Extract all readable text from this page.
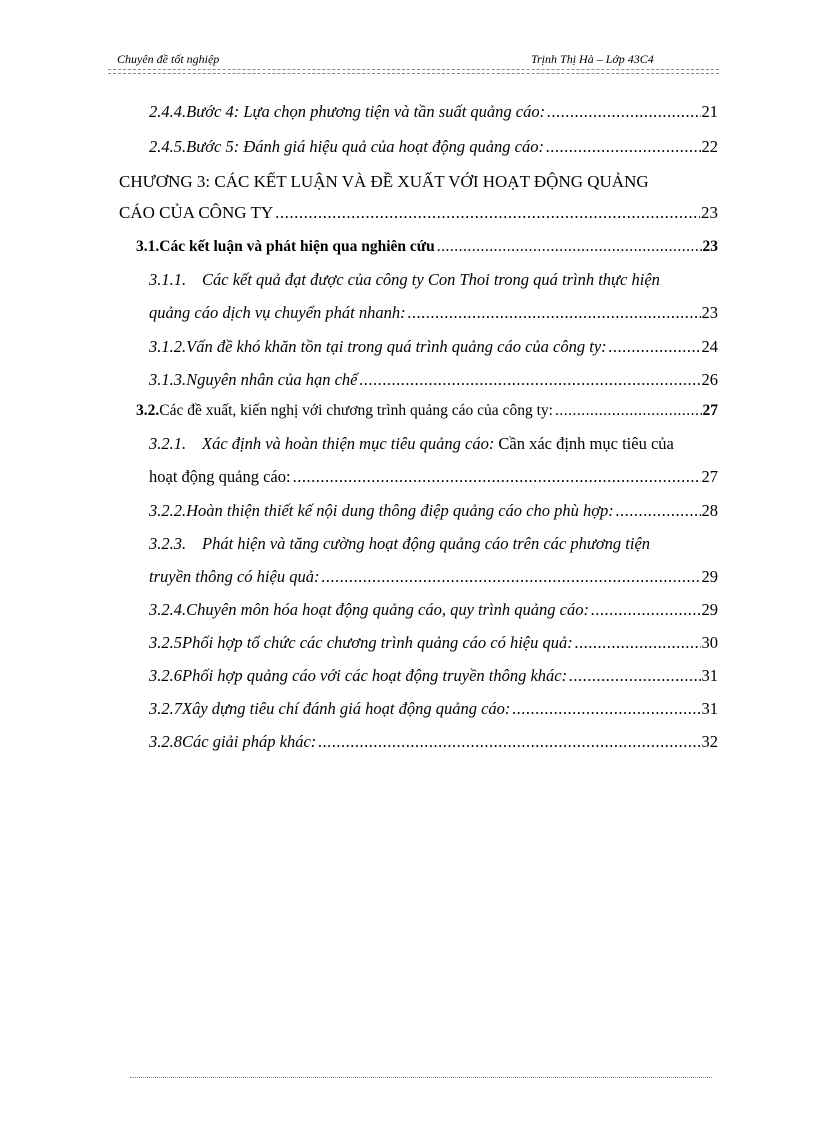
Chuyên đề tốt nghiệp	Trịnh Thị Hà – Lớp 43C4
2.4.4. Bước 4: Lựa chọn phương tiện và tần suất quảng cáo: .....	21
2.4.5. Bước 5: Đánh giá hiệu quả của hoạt động quảng cáo: .....	22
CHƯƠNG 3: CÁC KẾT LUẬN VÀ ĐỀ XUẤT VỚI HOẠT ĐỘNG QUẢNG
CÁO CỦA CÔNG TY .....	23
3.1. Các kết luận và phát hiện qua nghiên cứu .....	23
3.1.1. Các kết quả đạt được của công ty Con Thoi trong quá trình thực hiện
quảng cáo dịch vụ chuyển phát nhanh: .....	23
3.1.2. Vấn đề khó khăn tồn tại trong quá trình quảng cáo của công ty: .....	24
3.1.3. Nguyên nhân của hạn chế .....	26
3.2. Các đề xuất, kiến nghị với chương trình quảng cáo của công ty: .....	27
3.2.1. Xác định và hoàn thiện mục tiêu quảng cáo: Cần xác định mục tiêu của
hoạt động quảng cáo: .....	27
3.2.2. Hoàn thiện thiết kế nội dung thông điệp quảng cáo cho phù hợp: .....	28
3.2.3. Phát hiện và tăng cường hoạt động quảng cáo trên các phương tiện
truyền thông có hiệu quả: .....	29
3.2.4. Chuyên môn hóa hoạt động quảng cáo, quy trình quảng cáo: .....	29
3.2.5 Phối hợp tổ chức các chương trình quảng cáo có hiệu quả: .....	30
3.2.6 Phối hợp quảng cáo với các hoạt động truyền thông khác: .....	31
3.2.7 Xây dựng tiêu chí đánh giá hoạt động quảng cáo: .....	31
3.2.8 Các giải pháp khác: .....	32
